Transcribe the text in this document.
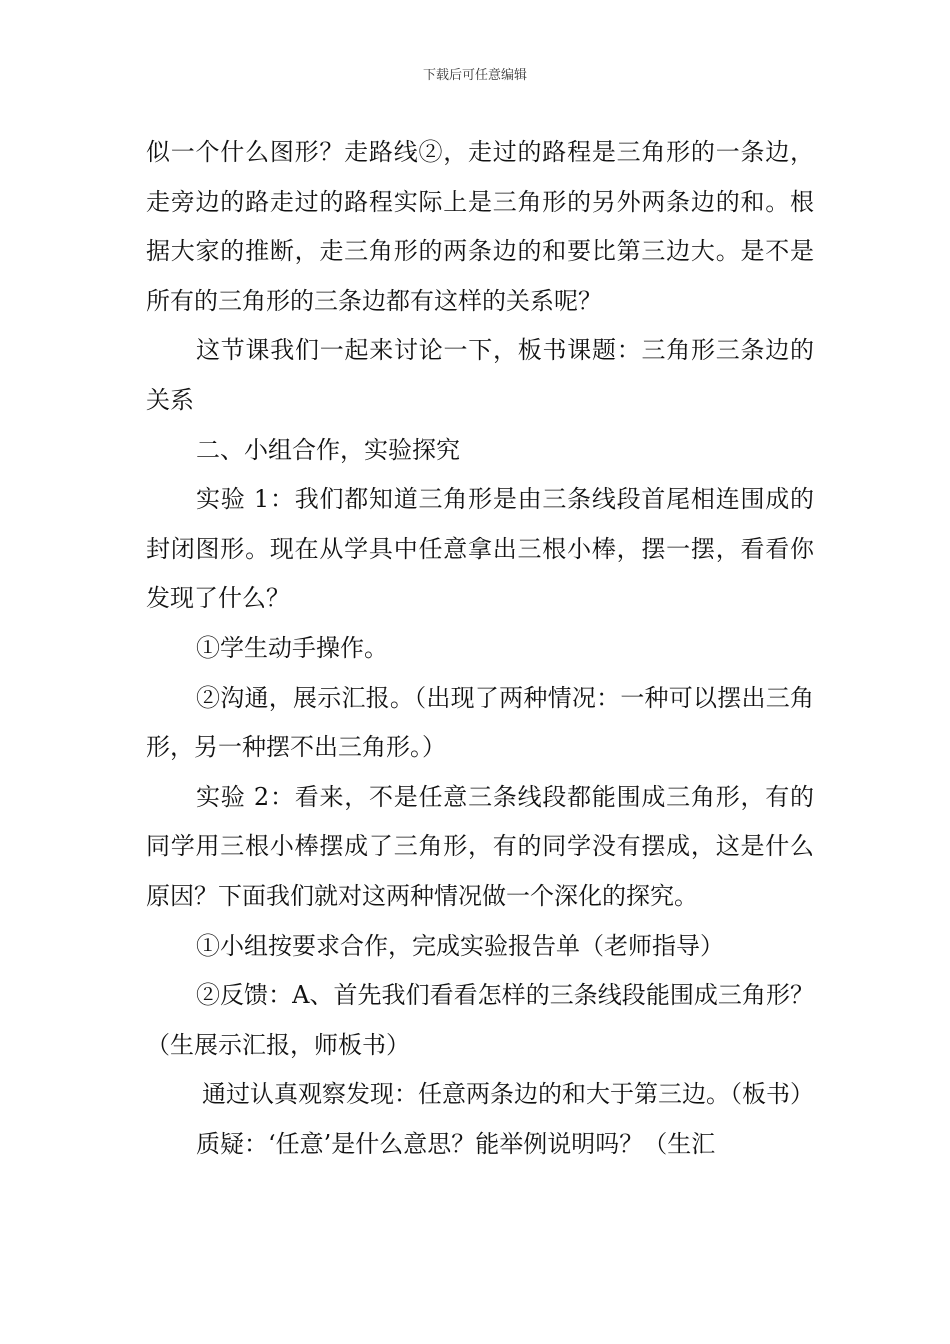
下载后可任意编辑

似一个什么图形？走路线②，走过的路程是三角形的一条边，走旁边的路走过的路程实际上是三角形的另外两条边的和。根据大家的推断，走三角形的两条边的和要比第三边大。是不是所有的三角形的三条边都有这样的关系呢？

这节课我们一起来讨论一下，板书课题：三角形三条边的关系

二、小组合作，实验探究

实验 1：我们都知道三角形是由三条线段首尾相连围成的封闭图形。现在从学具中任意拿出三根小棒，摆一摆，看看你发现了什么？

①学生动手操作。

②沟通，展示汇报。（出现了两种情况：一种可以摆出三角形，另一种摆不出三角形。）

实验 2：看来，不是任意三条线段都能围成三角形，有的同学用三根小棒摆成了三角形，有的同学没有摆成，这是什么原因？下面我们就对这两种情况做一个深化的探究。

①小组按要求合作，完成实验报告单（老师指导）

②反馈：A、首先我们看看怎样的三条线段能围成三角形？（生展示汇报，师板书）

通过认真观察发现：任意两条边的和大于第三边。（板书）

质疑：‘任意’是什么意思？能举例说明吗？（生汇
